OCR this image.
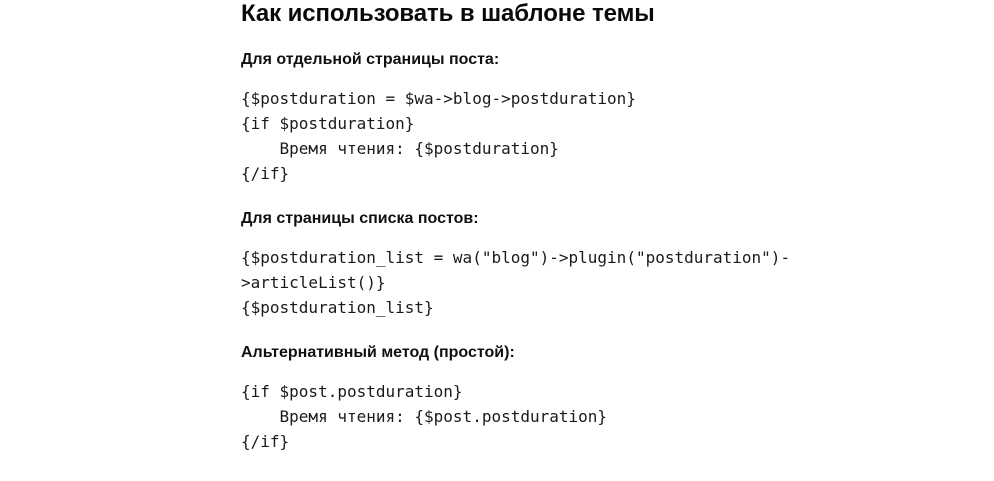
Как использовать в шаблоне темы

Для отдельной страницы поста:

{$postduration = $wa->blog->postduration}
{if $postduration}
Время чтения: {$postduration}
{/if}

Для страницы списка постов:

{$postduration_list = wa("blog")->plugin("postduration")-
>articleList()}
{$postduration_list}

Альтернативный метод (простой):

{if $post.postduration}
Время чтения: {$post.postduration}
{/if}
